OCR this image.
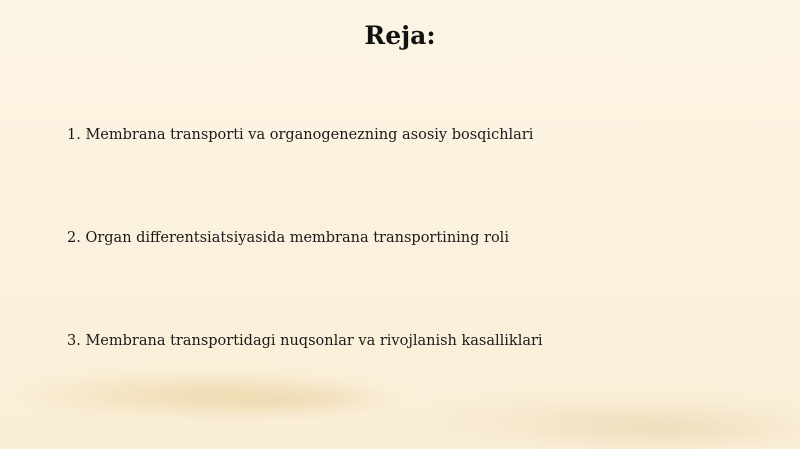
Reja:
1. Membrana transporti va organogenezning asosiy bosqichlari
2. Organ differentsiatsiyasida membrana transportining roli
3. Membrana transportidagi nuqsonlar va rivojlanish kasalliklari
